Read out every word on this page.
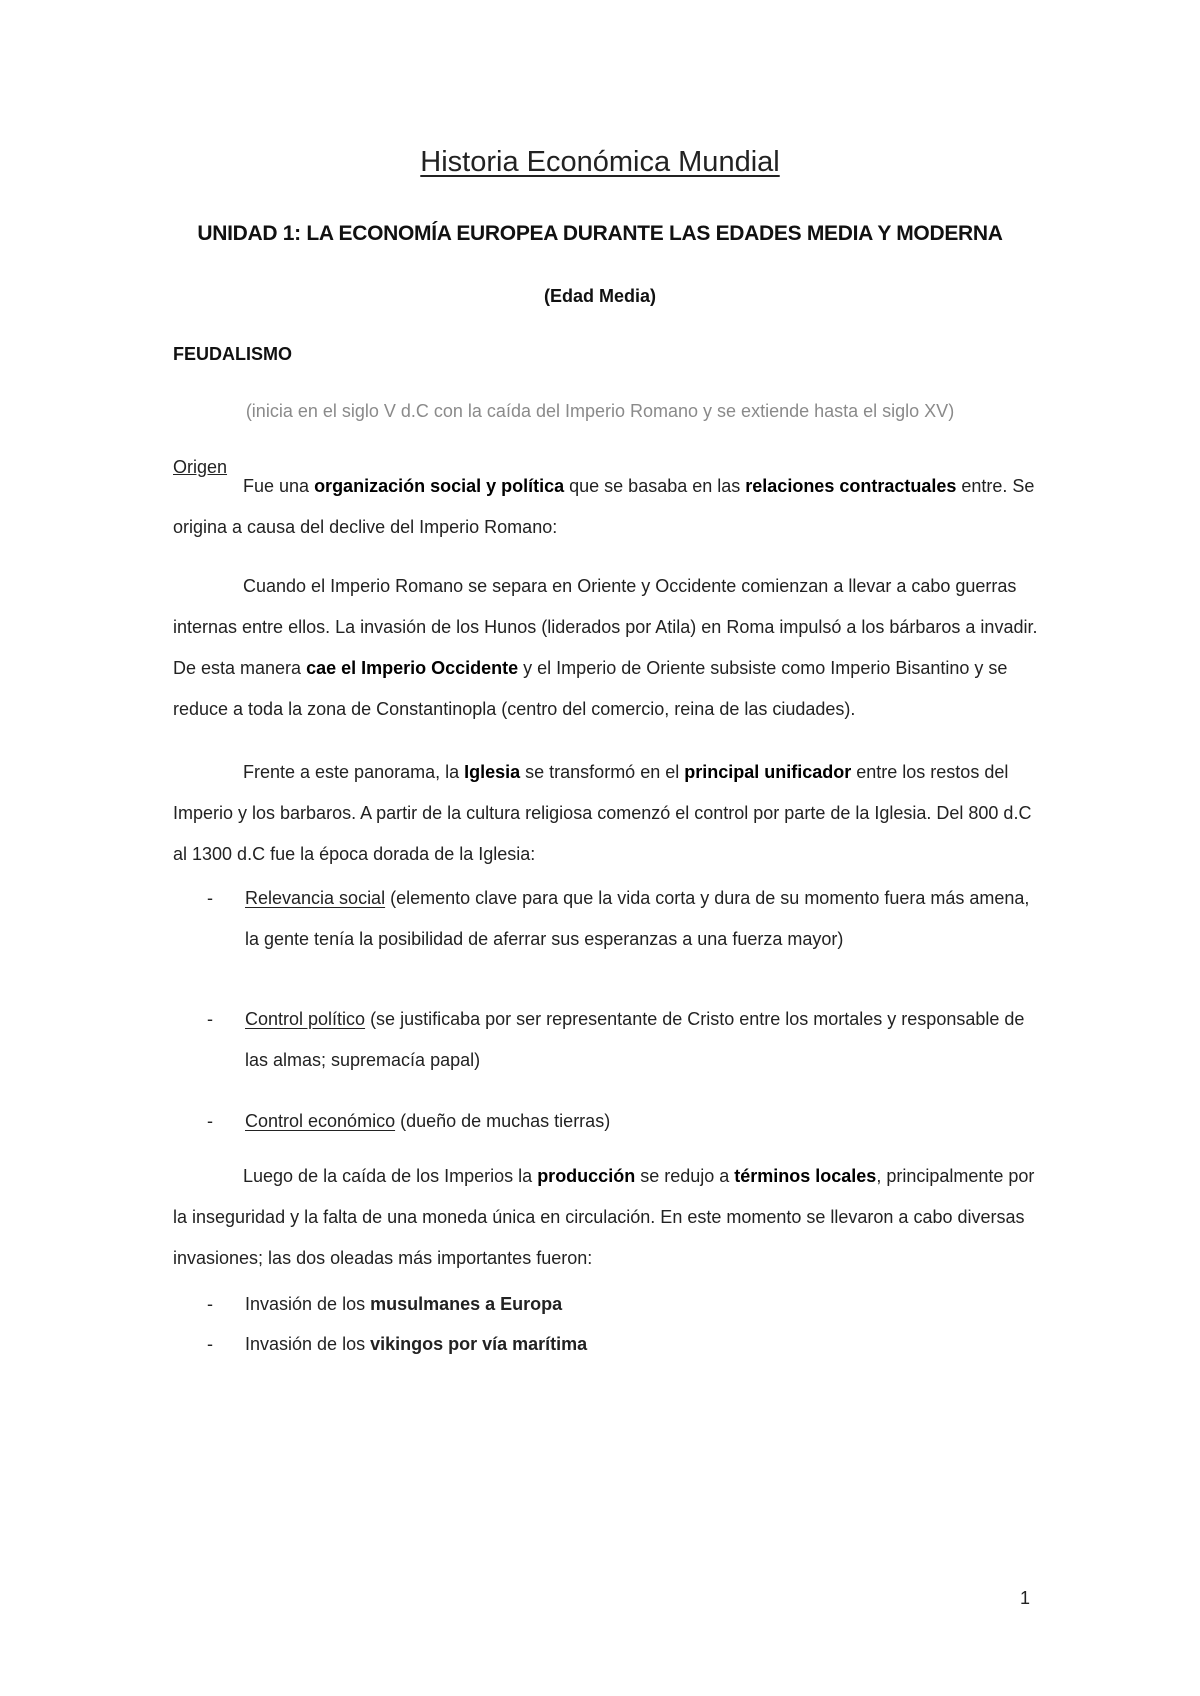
Historia Económica Mundial
UNIDAD 1: LA ECONOMÍA EUROPEA DURANTE LAS EDADES MEDIA Y MODERNA
(Edad Media)
FEUDALISMO
(inicia en el siglo V d.C con la caída del Imperio Romano y se extiende hasta el siglo XV)
Origen
Fue una organización social y política que se basaba en las relaciones contractuales entre. Se origina a causa del declive del Imperio Romano:
Cuando el Imperio Romano se separa en Oriente y Occidente comienzan a llevar a cabo guerras internas entre ellos. La invasión de los Hunos (liderados por Atila) en Roma impulsó a los bárbaros a invadir. De esta manera cae el Imperio Occidente y el Imperio de Oriente subsiste como Imperio Bisantino y se reduce a toda la zona de Constantinopla (centro del comercio, reina de las ciudades).
Frente a este panorama, la Iglesia se transformó en el principal unificador entre los restos del Imperio y los barbaros. A partir de la cultura religiosa comenzó el control por parte de la Iglesia. Del 800 d.C al 1300 d.C fue la época dorada de la Iglesia:
- Relevancia social (elemento clave para que la vida corta y dura de su momento fuera más amena, la gente tenía la posibilidad de aferrar sus esperanzas a una fuerza mayor)
- Control político (se justificaba por ser representante de Cristo entre los mortales y responsable de las almas; supremacía papal)
- Control económico (dueño de muchas tierras)
Luego de la caída de los Imperios la producción se redujo a términos locales, principalmente por la inseguridad y la falta de una moneda única en circulación. En este momento se llevaron a cabo diversas invasiones; las dos oleadas más importantes fueron:
- Invasión de los musulmanes a Europa
- Invasión de los vikingos por vía marítima
1
